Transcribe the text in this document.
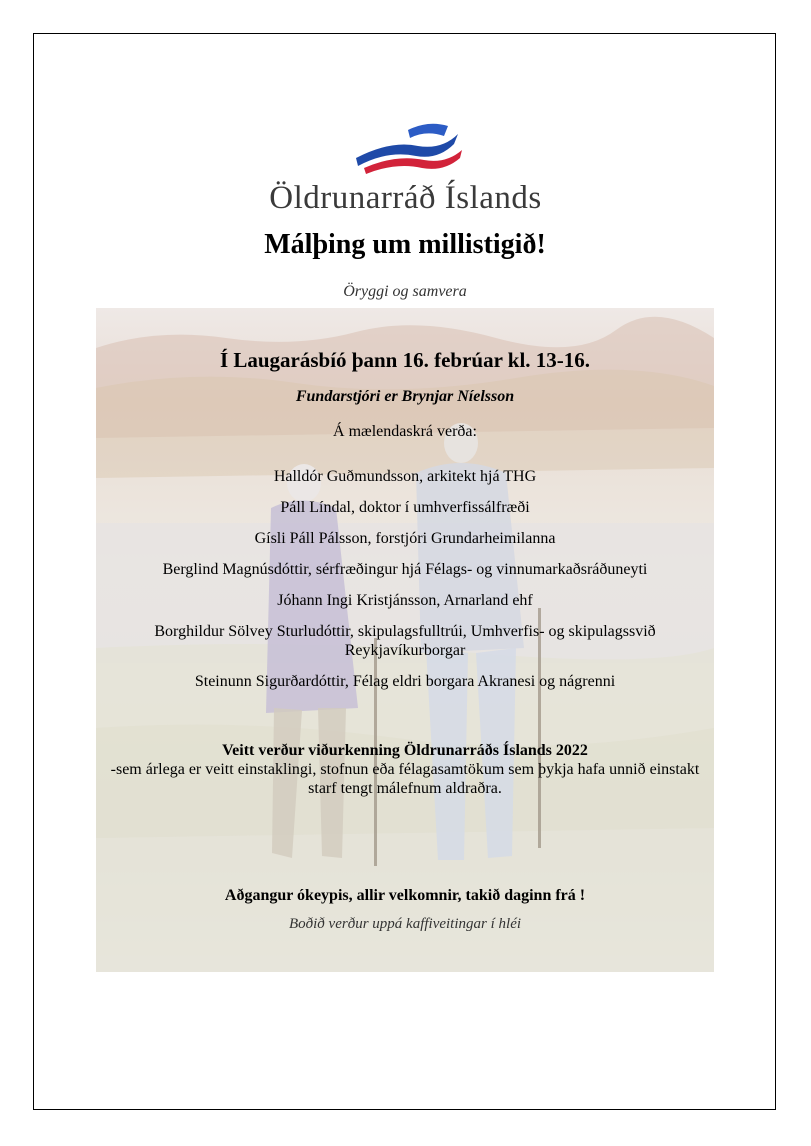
Öldrunarráð Íslands
Málþing um millistigið!
Öryggi og samvera
Í Laugarásbíó þann 16. febrúar kl. 13-16.
Fundarstjóri er Brynjar Níelsson
Á mælendaskrá verða:
Halldór Guðmundsson, arkitekt hjá THG
Páll Líndal, doktor í umhverfissálfræði
Gísli Páll Pálsson, forstjóri Grundarheimilanna
Berglind Magnúsdóttir, sérfræðingur hjá Félags- og vinnumarkaðsráðuneyti
Jóhann Ingi Kristjánsson, Arnarland ehf
Borghildur Sölvey Sturludóttir, skipulagsfulltrúi, Umhverfis- og skipulagssvið Reykjavíkurborgar
Steinunn Sigurðardóttir, Félag eldri borgara Akranesi og nágrenni
Veitt verður viðurkenning Öldrunarráðs Íslands 2022
-sem árlega er veitt einstaklingi, stofnun eða félagasamtökum sem þykja hafa unnið einstakt starf tengt málefnum aldraðra.
Aðgangur ókeypis, allir velkomnir, takið daginn frá !
Boðið verður uppá kaffiveitingar í hléi
